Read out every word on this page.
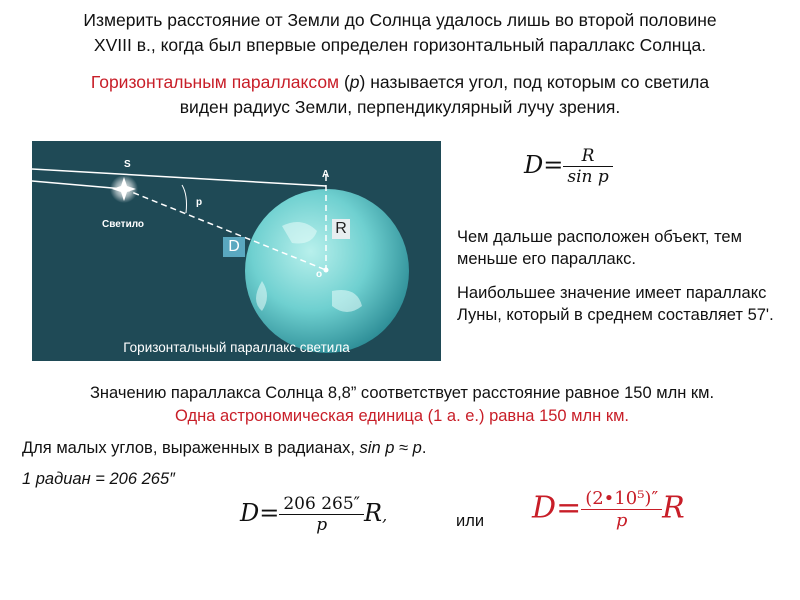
Измерить расстояние от Земли до Солнца удалось лишь во второй половине
XVIII в., когда был впервые определен горизонтальный параллакс Солнца.
Горизонтальным параллаксом (p) называется угол, под которым со светила
виден радиус Земли, перпендикулярный лучу зрения.
S
Светило
p
A
o
R
D
Горизонтальный параллакс светила
$D= \frac{R}{\text{sin p}}$
Чем дальше расположен объект, тем меньше его параллакс.
Наибольшее значение имеет параллакс Луны, который в среднем составляет 57'.
Значению параллакса Солнца 8,8” соответствует расстояние равное 150 млн км.
Одна астрономическая единица (1 а. е.) равна 150 млн км.
Для малых углов, выраженных в радианах, sin p ≈ p.
1 радиан = 206 265″
$D= \frac{206 265''}{p} R$,	или $D= \frac{\text{(2•10⁵)″}}{p}$ R
